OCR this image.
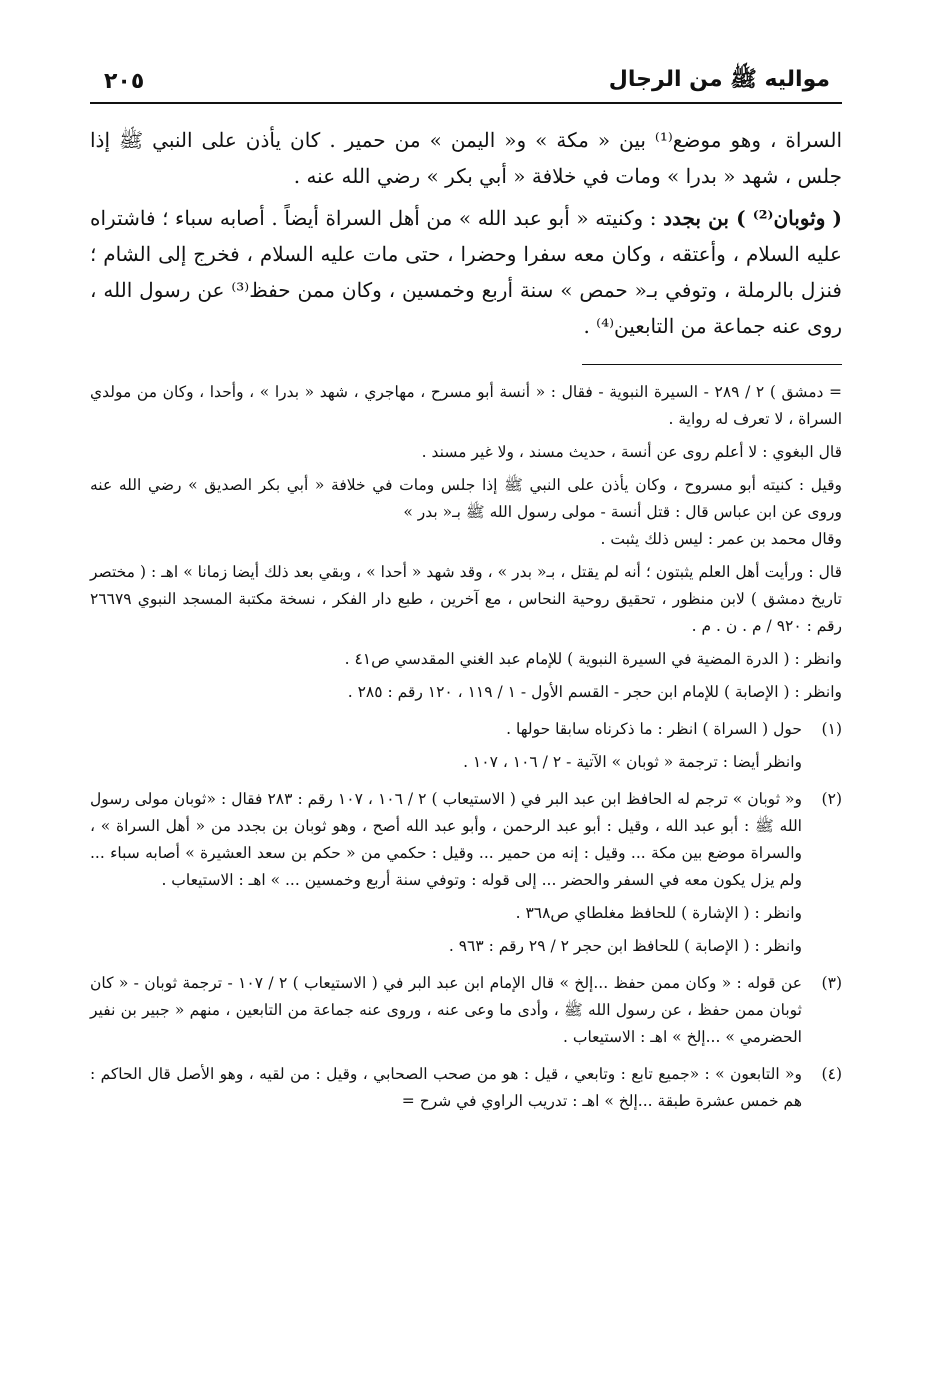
مواليه ﷺ من الرجال
٢٠٥

السراة ، وهو موضع⁽¹⁾ بين « مكة » و« اليمن » من حمير . كان يأذن على النبي ﷺ إذا جلس ، شهد « بدرا » ومات في خلافة « أبي بكر » رضي الله عنه .

( وثوبان⁽²⁾ ) بن بجدد : وكنيته « أبو عبد الله » من أهل السراة أيضاً . أصابه سباء ؛ فاشتراه عليه السلام ، وأعتقه ، وكان معه سفرا وحضرا ، حتى مات عليه السلام ، فخرج إلى الشام ؛ فنزل بالرملة ، وتوفي بـ« حمص » سنة أربع وخمسين ، وكان ممن حفظ⁽³⁾ عن رسول الله ، روى عنه جماعة من التابعين⁽⁴⁾ .

= دمشق ) ٢ / ٢٨٩ - السيرة النبوية - فقال : « أنسة أبو مسرح ، مهاجري ، شهد « بدرا » ، وأحدا ، وكان من مولدي السراة ، لا تعرف له رواية .

قال البغوي : لا أعلم روى عن أنسة ، حديث مسند ، ولا غير مسند .

وقيل : كنيته أبو مسروح ، وكان يأذن على النبي ﷺ إذا جلس ومات في خلافة « أبي بكر الصديق » رضي الله عنه وروى عن ابن عباس قال : قتل أنسة - مولى رسول الله ﷺ بـ« بدر »

وقال محمد بن عمر : ليس ذلك يثبت .

قال : ورأيت أهل العلم يثبتون ؛ أنه لم يقتل ، بـ« بدر » ، وقد شهد « أحدا » ، وبقي بعد ذلك أيضا زمانا » اهـ : ( مختصر تاريخ دمشق ) لابن منظور ، تحقيق روحية النحاس ، مع آخرين ، طبع دار الفكر ، نسخة مكتبة المسجد النبوي ٢٦٦٧٩ رقم : ٩٢٠ / م . ن . م .

وانظر : ( الدرة المضية في السيرة النبوية ) للإمام عبد الغني المقدسي ص٤١ .

وانظر : ( الإصابة ) للإمام ابن حجر - القسم الأول - ١ / ١١٩ ، ١٢٠ رقم : ٢٨٥ .

(١)

حول ( السراة ) انظر : ما ذكرناه سابقا حولها .

وانظر أيضا : ترجمة « ثوبان » الآتية - ٢ / ١٠٦ ، ١٠٧ .

(٢)

و« ثوبان » ترجم له الحافظ ابن عبد البر في ( الاستيعاب ) ٢ / ١٠٦ ، ١٠٧ رقم : ٢٨٣ فقال : «ثوبان مولى رسول الله ﷺ : أبو عبد الله ، وقيل : أبو عبد الرحمن ، وأبو عبد الله أصح ، وهو ثوبان بن بجدد من « أهل السراة » ، والسراة موضع بين مكة ... وقيل : إنه من حمير ... وقيل : حكمي من « حكم بن سعد العشيرة » أصابه سباء ... ولم يزل يكون معه في السفر والحضر ... إلى قوله : وتوفي سنة أربع وخمسين ... » اهـ : الاستيعاب .

وانظر : ( الإشارة ) للحافظ مغلطاي ص٣٦٨ .

وانظر : ( الإصابة ) للحافظ ابن حجر ٢ / ٢٩ رقم : ٩٦٣ .

(٣)

عن قوله : « وكان ممن حفظ ...إلخ » قال الإمام ابن عبد البر في ( الاستيعاب ) ٢ / ١٠٧ - ترجمة ثوبان - « كان ثوبان ممن حفظ ، عن رسول الله ﷺ ، وأدى ما وعى عنه ، وروى عنه جماعة من التابعين ، منهم « جبير بن نفير الحضرمي » ...إلخ » اهـ : الاستيعاب .

(٤)

و« التابعون » : «جميع تابع : وتابعي ، قيل : هو من صحب الصحابي ، وقيل : من لقيه ، وهو الأصل قال الحاكم : هم خمس عشرة طبقة ...إلخ » اهـ : تدريب الراوي في شرح =
